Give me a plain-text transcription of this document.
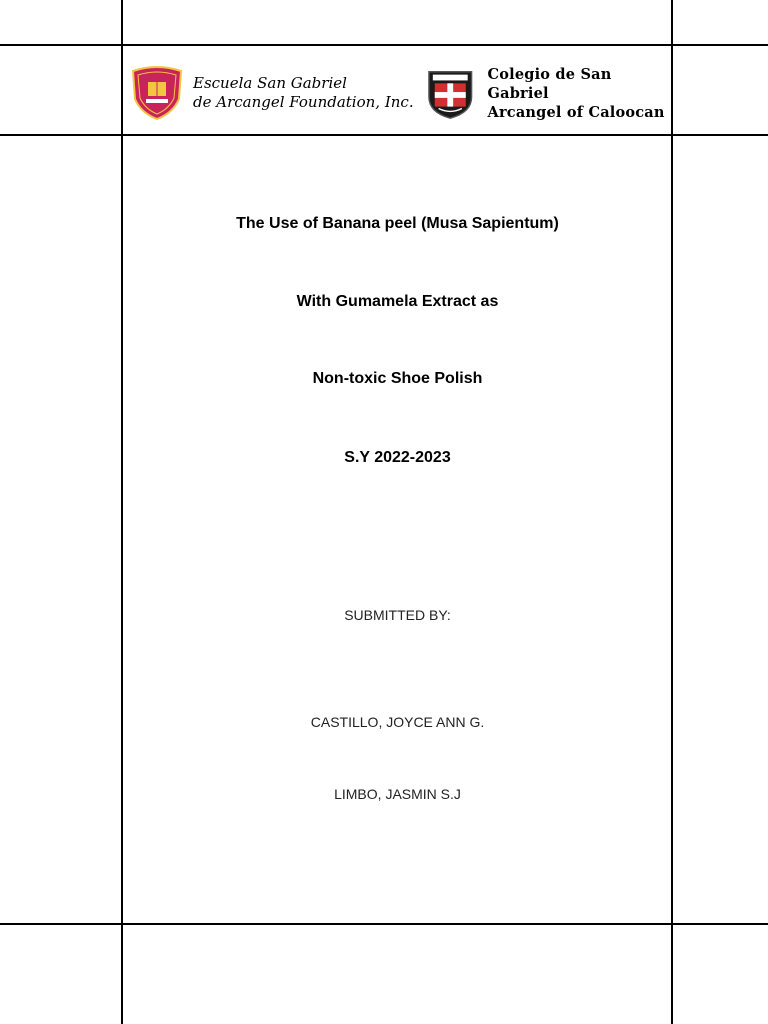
Escuela San Gabriel
de Arcangel Foundation, Inc.
Colegio de San Gabriel
Arcangel of Caloocan
The Use of Banana peel (Musa Sapientum)
With Gumamela Extract as
Non-toxic Shoe Polish
S.Y 2022-2023
SUBMITTED BY:
CASTILLO, JOYCE ANN G.
LIMBO, JASMIN S.J
